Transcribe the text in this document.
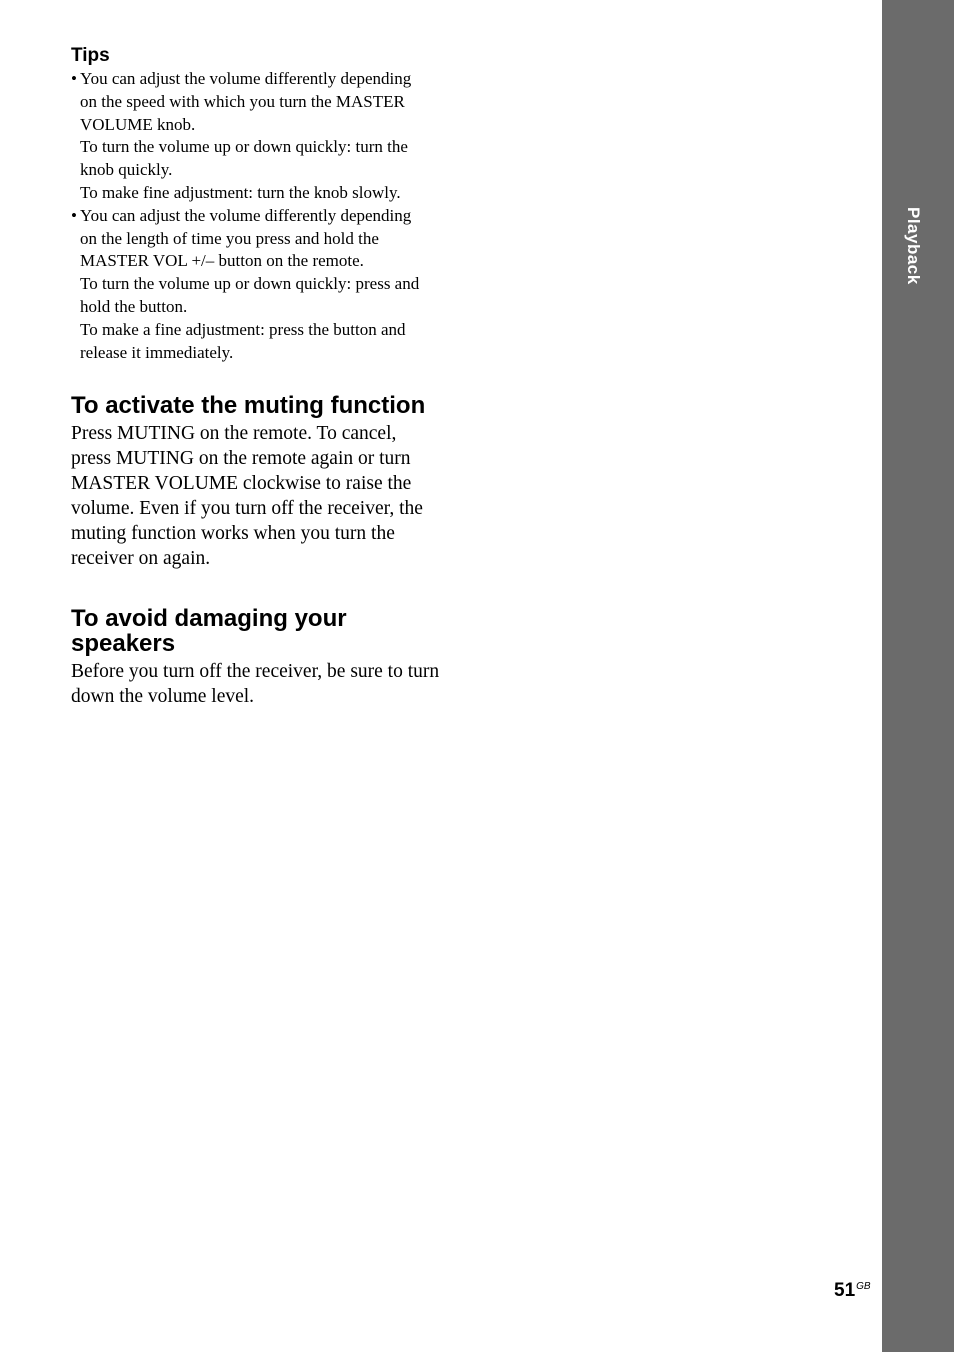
Playback
Tips
• You can adjust the volume differently depending
on the speed with which you turn the MASTER
VOLUME knob.
To turn the volume up or down quickly: turn the
knob quickly.
To make fine adjustment: turn the knob slowly.
• You can adjust the volume differently depending
on the length of time you press and hold the
MASTER VOL +/– button on the remote.
To turn the volume up or down quickly: press and
hold the button.
To make a fine adjustment: press the button and
release it immediately.
To activate the muting function

Press MUTING on the remote. To cancel,
press MUTING on the remote again or turn
MASTER VOLUME clockwise to raise the
volume. Even if you turn off the receiver, the
muting function works when you turn the
receiver on again.

To avoid damaging your
speakers

Before you turn off the receiver, be sure to turn
down the volume level.

$51^{GB}$
